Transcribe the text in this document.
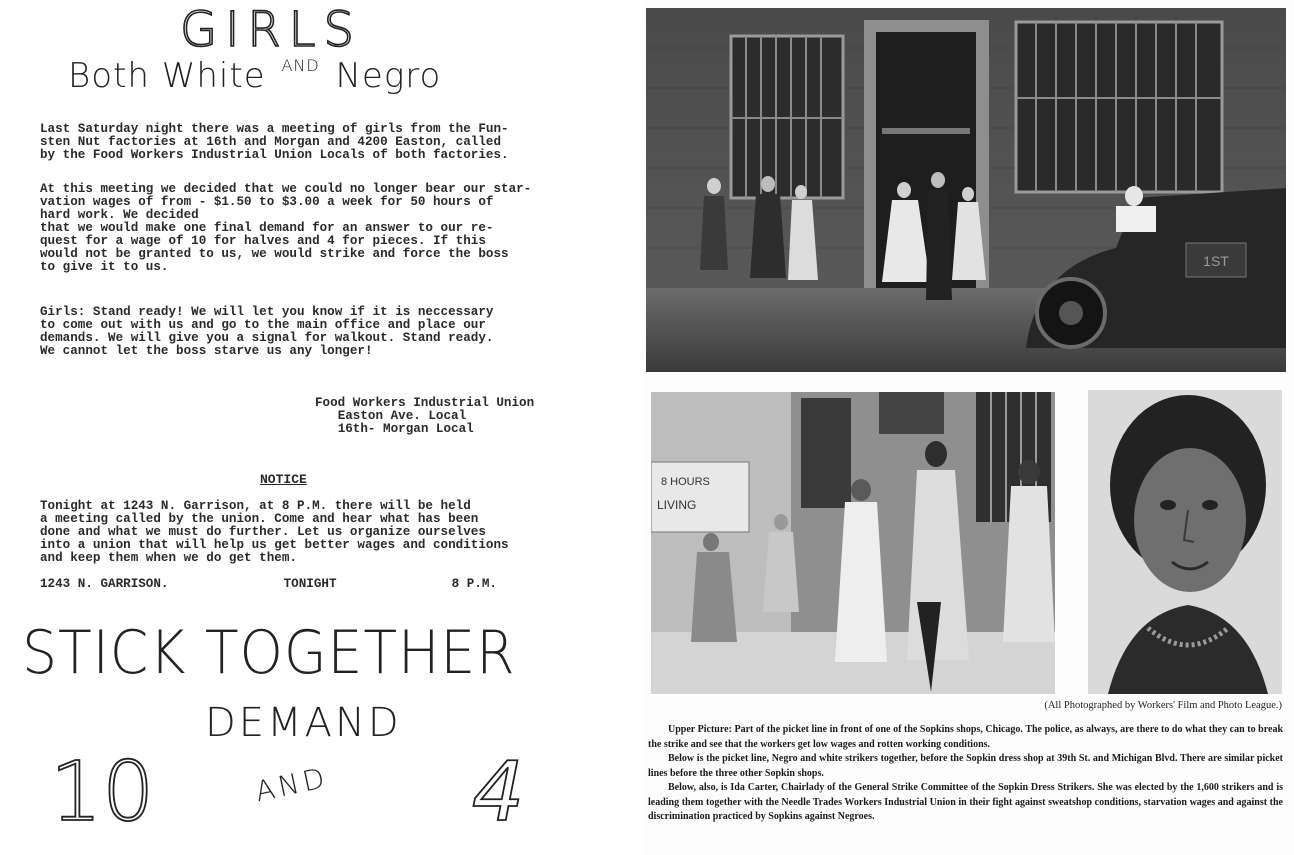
GIRLS
Both White $^{AND}$ Negro
Last Saturday night there was a meeting of girls from the Fun-
sten Nut factories at 16th and Morgan and 4200 Easton, called
by the Food Workers Industrial Union Locals of both factories.
At this meeting we decided that we could no longer bear our star-
vation wages of from - $1.50 to $3.00 a week for 50 hours of
hard work. We decided
that we would make one final demand for an answer to our re-
quest for a wage of 10 for halves and 4 for pieces. If this
would not be granted to us, we would strike and force the boss
to give it to us.
Girls: Stand ready! We will let you know if it is neccessary
to come out with us and go to the main office and place our
demands. We will give you a signal for walkout. Stand ready.
We cannot let the boss starve us any longer!
Food Workers Industrial Union
Easton Ave. Local
16th- Morgan Local
NOTICE
Tonight at 1243 N. Garrison, at 8 P.M. there will be held
a meeting called by the union. Come and hear what has been
done and what we must do further. Let us organize ourselves
into a union that will help us get better wages and conditions
and keep them when we do get them.
1243 N. GARRISON.	TONIGHT	8 P.M.
STICK TOGETHER
DEMAND
10	AND 4
1ST
8 HOURS
LIVING
(All Photographed by Workers' Film and Photo League.)

Upper Picture: Part of the picket line in front of one of the Sopkins shops, Chicago. The police, as always, are there to do what they can to break the strike and see that the workers get low wages and rotten working conditions.

Below is the picket line, Negro and white strikers together, before the Sopkin dress shop at 39th St. and Michigan Blvd. There are similar picket lines before the three other Sopkin shops.

Below, also, is Ida Carter, Chairlady of the General Strike Committee of the Sopkin Dress Strikers. She was elected by the 1,600 strikers and is leading them together with the Needle Trades Workers Industrial Union in their fight against sweatshop conditions, starvation wages and against the discrimination practiced by Sopkins against Negroes.
